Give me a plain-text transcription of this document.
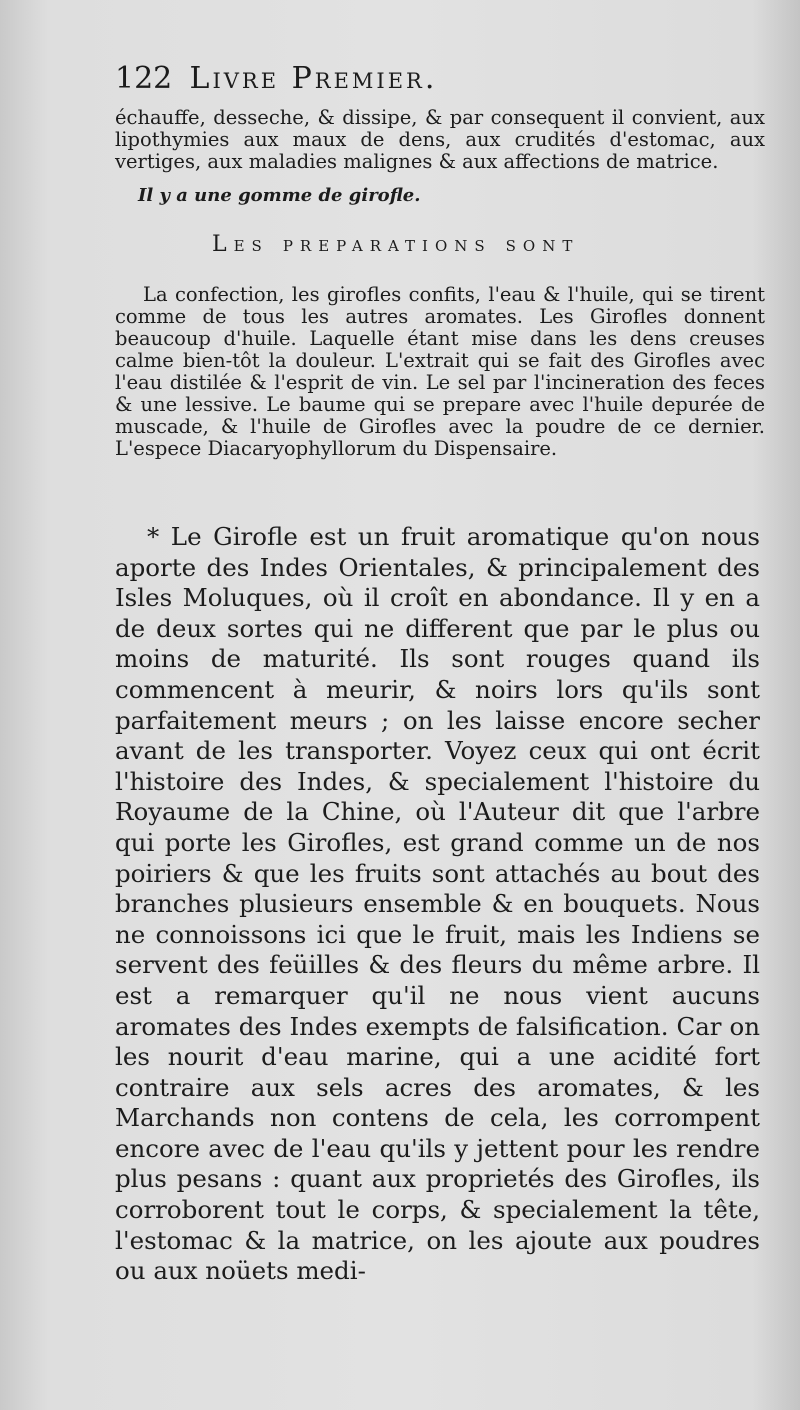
122 Livre Premier.

échauffe, desseche, & dissipe, & par consequent il convient, aux lipothymies aux maux de dens, aux crudités d'estomac, aux vertiges, aux maladies malignes & aux affections de matrice.

Il y a une gomme de girofle.
Les preparations sont

La confection, les girofles confits, l'eau & l'huile, qui se tirent comme de tous les autres aromates. Les Girofles donnent beaucoup d'huile. Laquelle étant mise dans les dens creuses calme bien-tôt la douleur. L'extrait qui se fait des Girofles avec l'eau distilée & l'esprit de vin. Le sel par l'incineration des feces & une lessive. Le baume qui se prepare avec l'huile depurée de muscade, & l'huile de Girofles avec la poudre de ce dernier. L'espece Diacaryophyllorum du Dispensaire.

* Le Girofle est un fruit aromatique qu'on nous aporte des Indes Orientales, & principalement des Isles Moluques, où il croît en abondance. Il y en a de deux sortes qui ne different que par le plus ou moins de maturité. Ils sont rouges quand ils commencent à meurir, & noirs lors qu'ils sont parfaitement meurs ; on les laisse encore secher avant de les transporter. Voyez ceux qui ont écrit l'histoire des Indes, & specialement l'histoire du Royaume de la Chine, où l'Auteur dit que l'arbre qui porte les Girofles, est grand comme un de nos poiriers & que les fruits sont attachés au bout des branches plusieurs ensemble & en bouquets. Nous ne connoissons ici que le fruit, mais les Indiens se servent des feüilles & des fleurs du même arbre. Il est a remarquer qu'il ne nous vient aucuns aromates des Indes exempts de falsification. Car on les nourit d'eau marine, qui a une acidité fort contraire aux sels acres des aromates, & les Marchands non contens de cela, les corrompent encore avec de l'eau qu'ils y jettent pour les rendre plus pesans : quant aux proprietés des Girofles, ils corroborent tout le corps, & specialement la tête, l'estomac & la matrice, on les ajoute aux poudres ou aux noüets medi-
